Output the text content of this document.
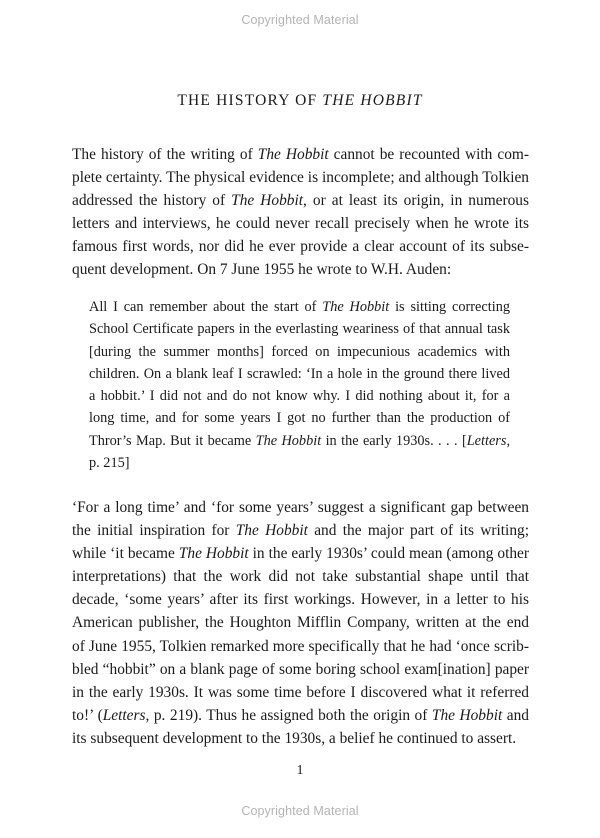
Copyrighted Material
THE HISTORY OF THE HOBBIT
The history of the writing of The Hobbit cannot be recounted with com-
plete certainty. The physical evidence is incomplete; and although Tolkien
addressed the history of The Hobbit, or at least its origin, in numerous
letters and interviews, he could never recall precisely when he wrote its
famous first words, nor did he ever provide a clear account of its subse-
quent development. On 7 June 1955 he wrote to W.H. Auden:
All I can remember about the start of The Hobbit is sitting correcting
School Certificate papers in the everlasting weariness of that annual task
[during the summer months] forced on impecunious academics with
children. On a blank leaf I scrawled: ‘In a hole in the ground there lived
a hobbit.’ I did not and do not know why. I did nothing about it, for a
long time, and for some years I got no further than the production of
Thror’s Map. But it became The Hobbit in the early 1930s. . . . [Letters,
p. 215]
‘For a long time’ and ‘for some years’ suggest a significant gap between
the initial inspiration for The Hobbit and the major part of its writing;
while ‘it became The Hobbit in the early 1930s’ could mean (among other
interpretations) that the work did not take substantial shape until that
decade, ‘some years’ after its first workings. However, in a letter to his
American publisher, the Houghton Mifflin Company, written at the end
of June 1955, Tolkien remarked more specifically that he had ‘once scrib-
bled “hobbit” on a blank page of some boring school exam[ination] paper
in the early 1930s. It was some time before I discovered what it referred
to!’ (Letters, p. 219). Thus he assigned both the origin of The Hobbit and
its subsequent development to the 1930s, a belief he continued to assert.
1
Copyrighted Material
